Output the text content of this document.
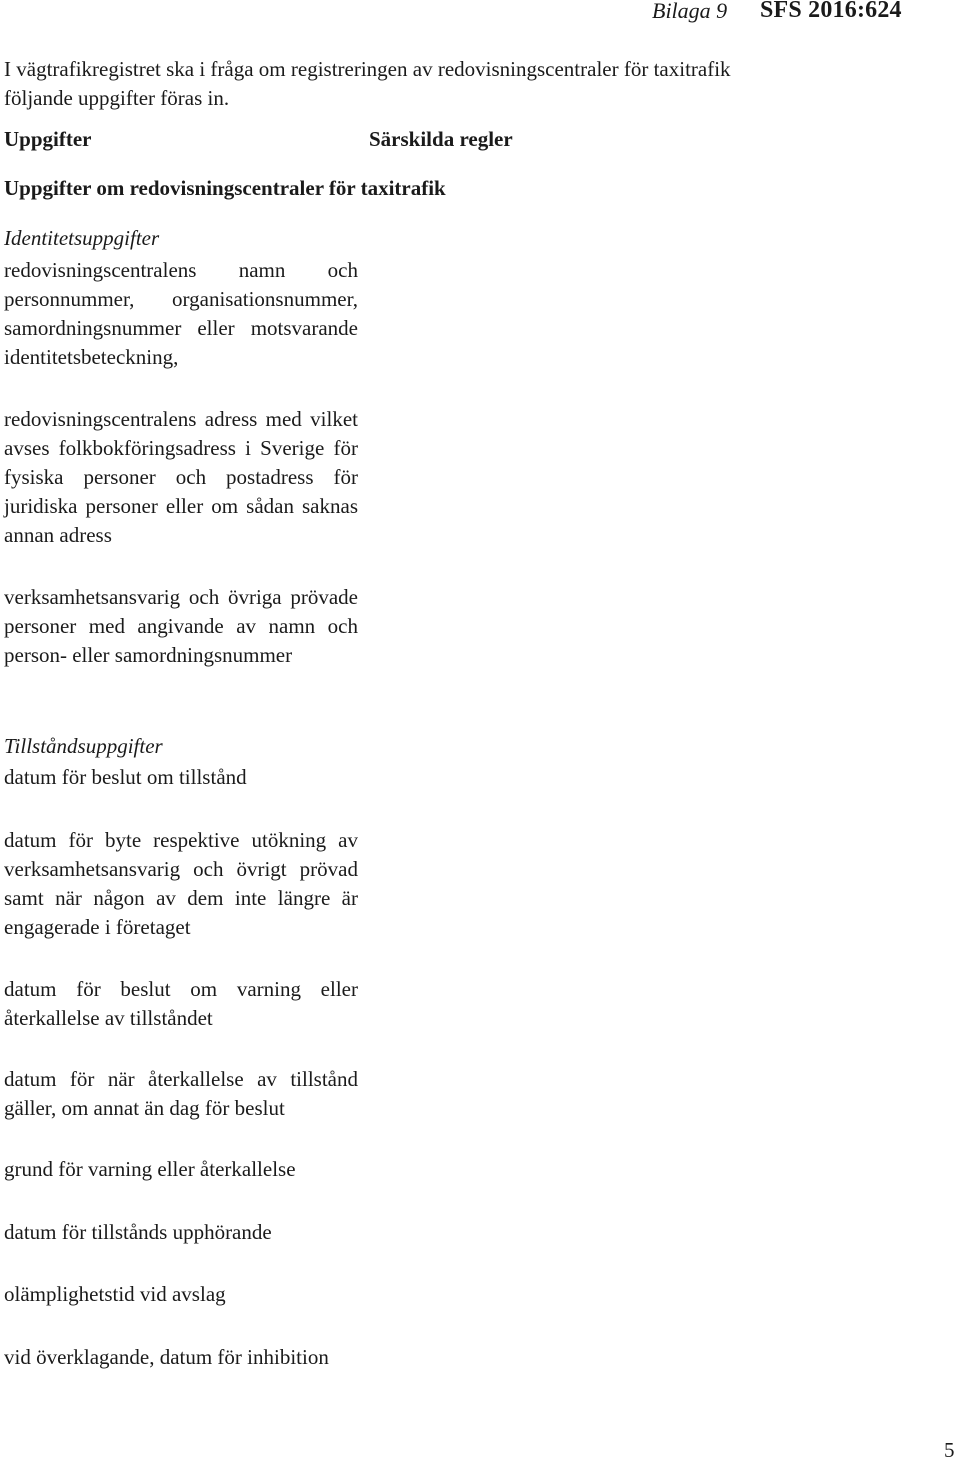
Bilaga 9 SFS 2016:624
I vägtrafikregistret ska i fråga om registreringen av redovisningscentraler för taxitrafik följande uppgifter föras in.
Uppgifter	Särskilda regler
Uppgifter om redovisningscentraler för taxitrafik
Identitetsuppgifter
redovisningscentralens namn och personnummer, organisationsnummer, samordningsnummer eller motsvarande identitetsbeteckning,
redovisningscentralens adress med vilket avses folkbokföringsadress i Sverige för fysiska personer och postadress för juridiska personer eller om sådan saknas annan adress
verksamhetsansvarig och övriga prövade personer med angivande av namn och person- eller samordningsnummer
Tillståndsuppgifter
datum för beslut om tillstånd
datum för byte respektive utökning av verksamhetsansvarig och övrigt prövad samt när någon av dem inte längre är engagerade i företaget
datum för beslut om varning eller återkallelse av tillståndet
datum för när återkallelse av tillstånd gäller, om annat än dag för beslut
grund för varning eller återkallelse
datum för tillstånds upphörande
olämplighetstid vid avslag
vid överklagande, datum för inhibition
5
